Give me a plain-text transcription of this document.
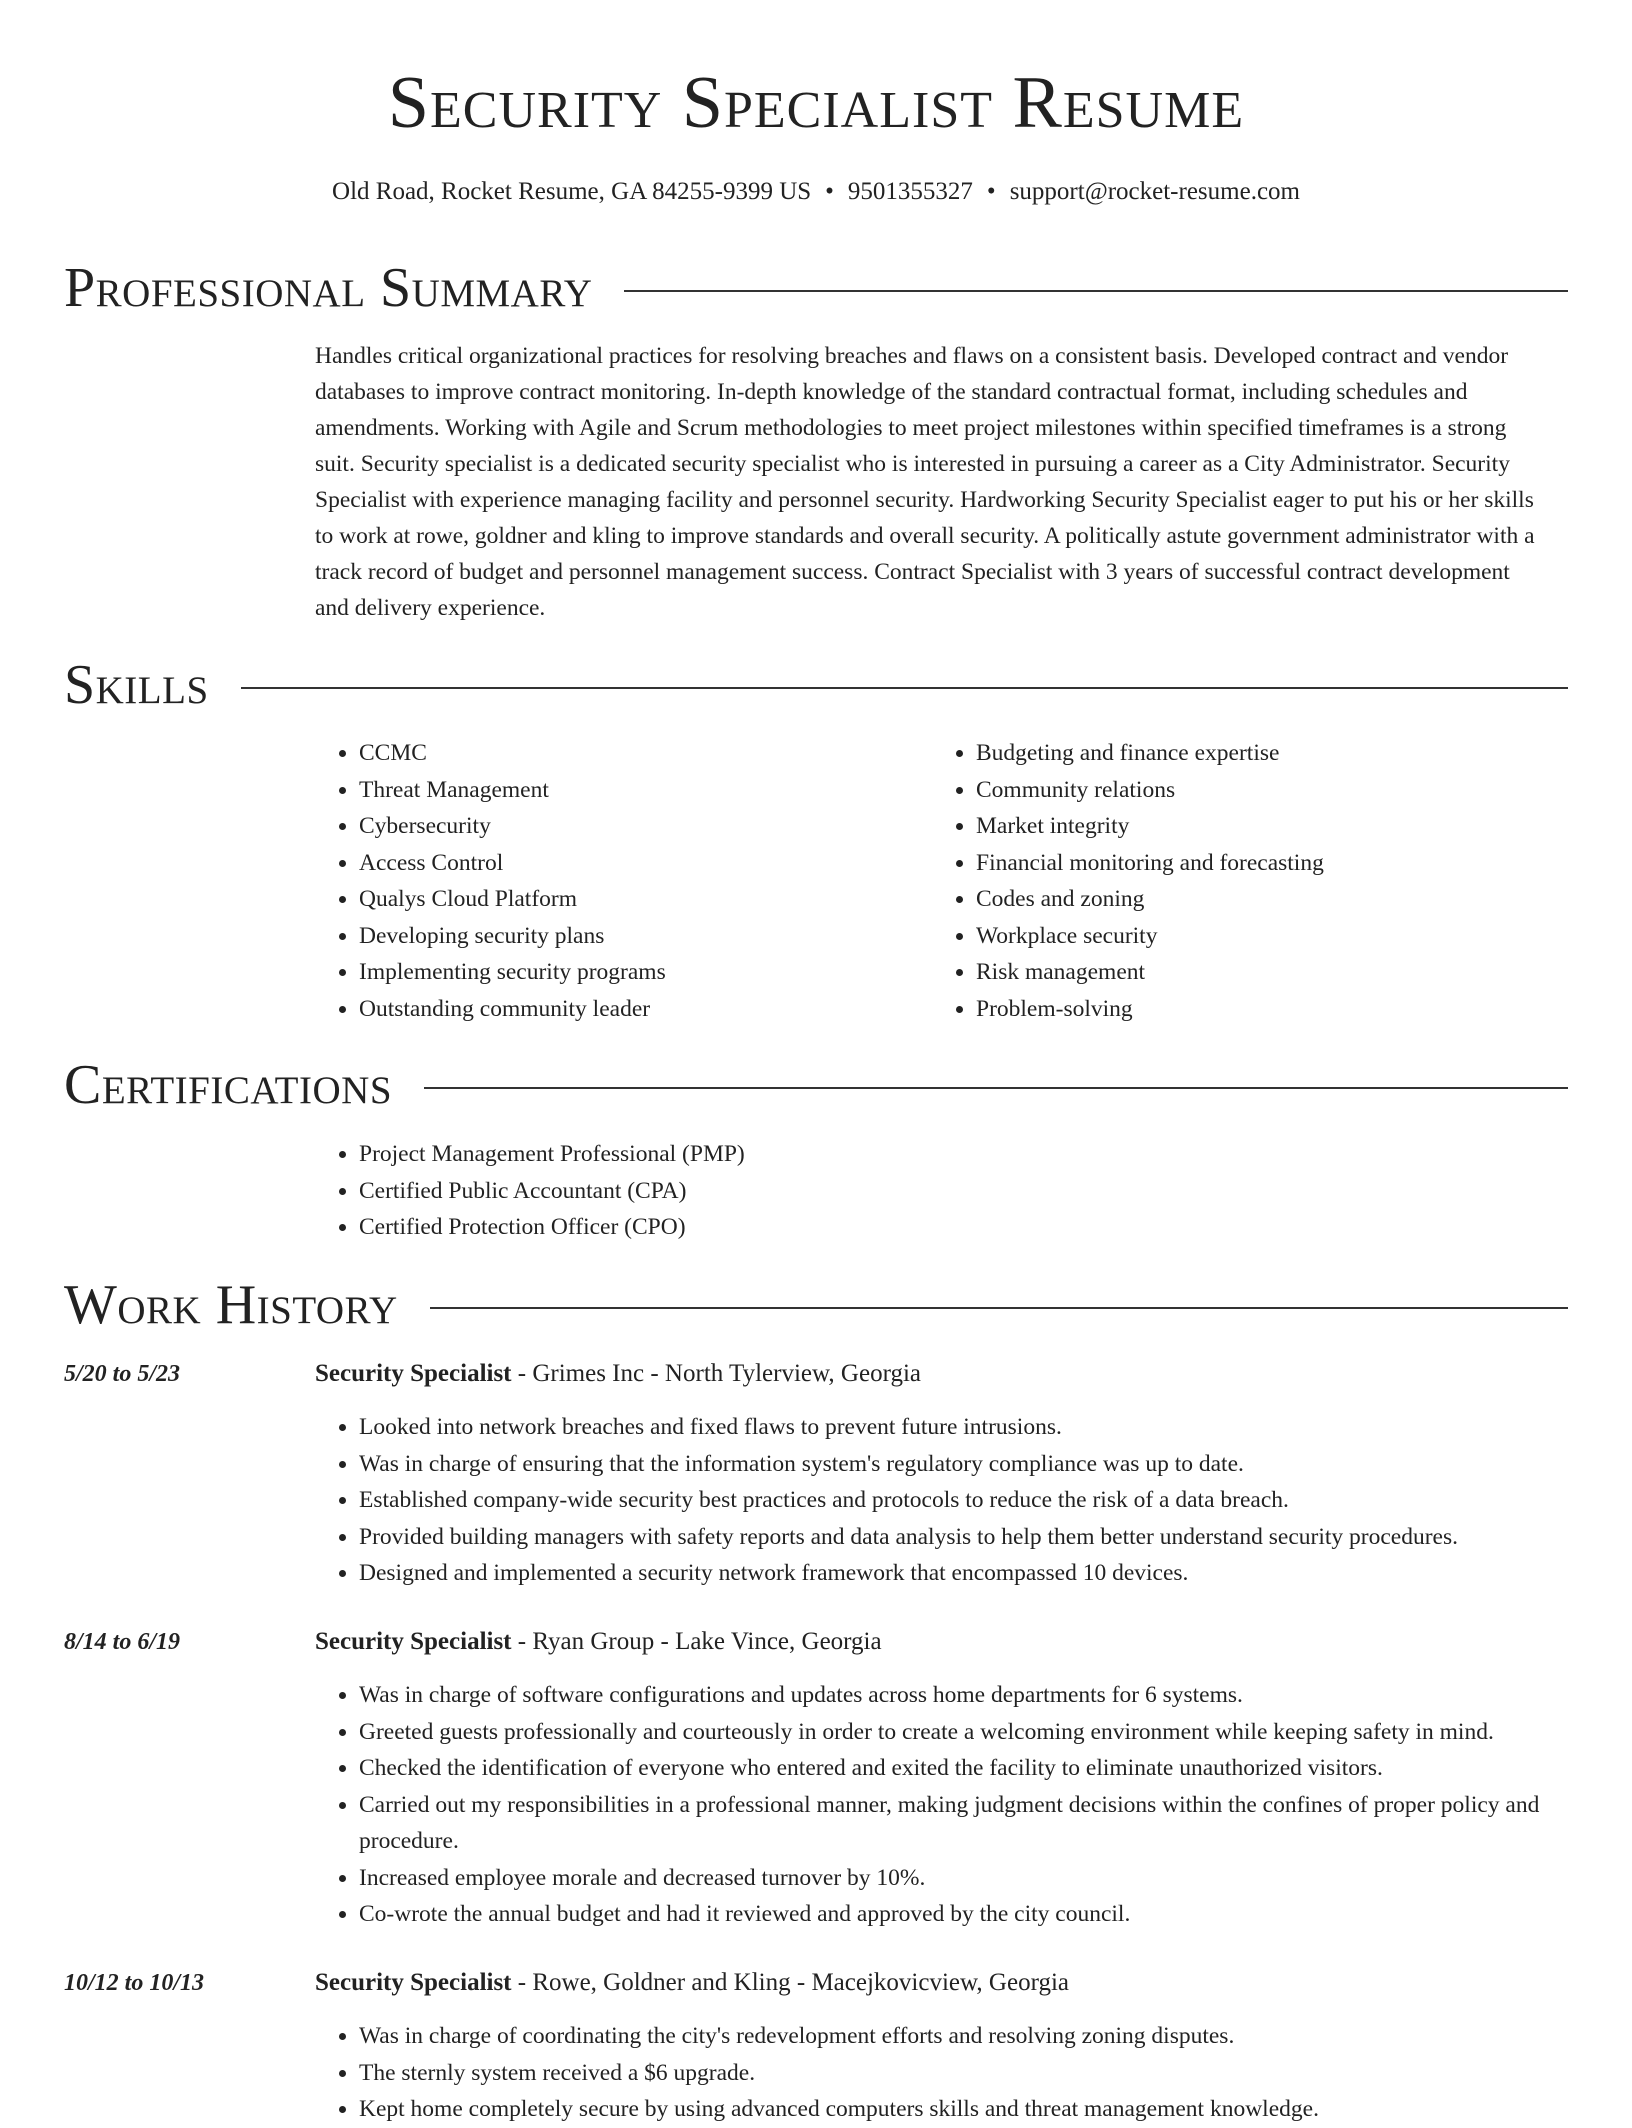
Security Specialist Resume
Old Road, Rocket Resume, GA 84255-9399 US • 9501355327 • support@rocket-resume.com
Professional Summary

Handles critical organizational practices for resolving breaches and flaws on a consistent basis. Developed contract and vendor databases to improve contract monitoring. In-depth knowledge of the standard contractual format, including schedules and amendments. Working with Agile and Scrum methodologies to meet project milestones within specified timeframes is a strong suit. Security specialist is a dedicated security specialist who is interested in pursuing a career as a City Administrator. Security Specialist with experience managing facility and personnel security. Hardworking Security Specialist eager to put his or her skills to work at rowe, goldner and kling to improve standards and overall security. A politically astute government administrator with a track record of budget and personnel management success. Contract Specialist with 3 years of successful contract development and delivery experience.

Skills
• CCMC
• Threat Management
• Cybersecurity
• Access Control
• Qualys Cloud Platform
• Developing security plans
• Implementing security programs
• Outstanding community leader
• Budgeting and finance expertise
• Community relations
• Market integrity
• Financial monitoring and forecasting
• Codes and zoning
• Workplace security
• Risk management
• Problem-solving
Certifications
• Project Management Professional (PMP)
• Certified Public Accountant (CPA)
• Certified Protection Officer (CPO)
Work History
5/20 to 5/23	Security Specialist - Grimes Inc - North Tylerview, Georgia
• Looked into network breaches and fixed flaws to prevent future intrusions.
• Was in charge of ensuring that the information system's regulatory compliance was up to date.
• Established company-wide security best practices and protocols to reduce the risk of a data breach.
• Provided building managers with safety reports and data analysis to help them better understand security procedures.
• Designed and implemented a security network framework that encompassed 10 devices.
8/14 to 6/19	Security Specialist - Ryan Group - Lake Vince, Georgia
• Was in charge of software configurations and updates across home departments for 6 systems.
• Greeted guests professionally and courteously in order to create a welcoming environment while keeping safety in mind.
• Checked the identification of everyone who entered and exited the facility to eliminate unauthorized visitors.
• Carried out my responsibilities in a professional manner, making judgment decisions within the confines of proper policy and procedure.
• Increased employee morale and decreased turnover by 10%.
• Co-wrote the annual budget and had it reviewed and approved by the city council.
10/12 to 10/13	Security Specialist - Rowe, Goldner and Kling - Macejkovicview, Georgia
• Was in charge of coordinating the city's redevelopment efforts and resolving zoning disputes.
• The sternly system received a $6 upgrade.
• Kept home completely secure by using advanced computers skills and threat management knowledge.
